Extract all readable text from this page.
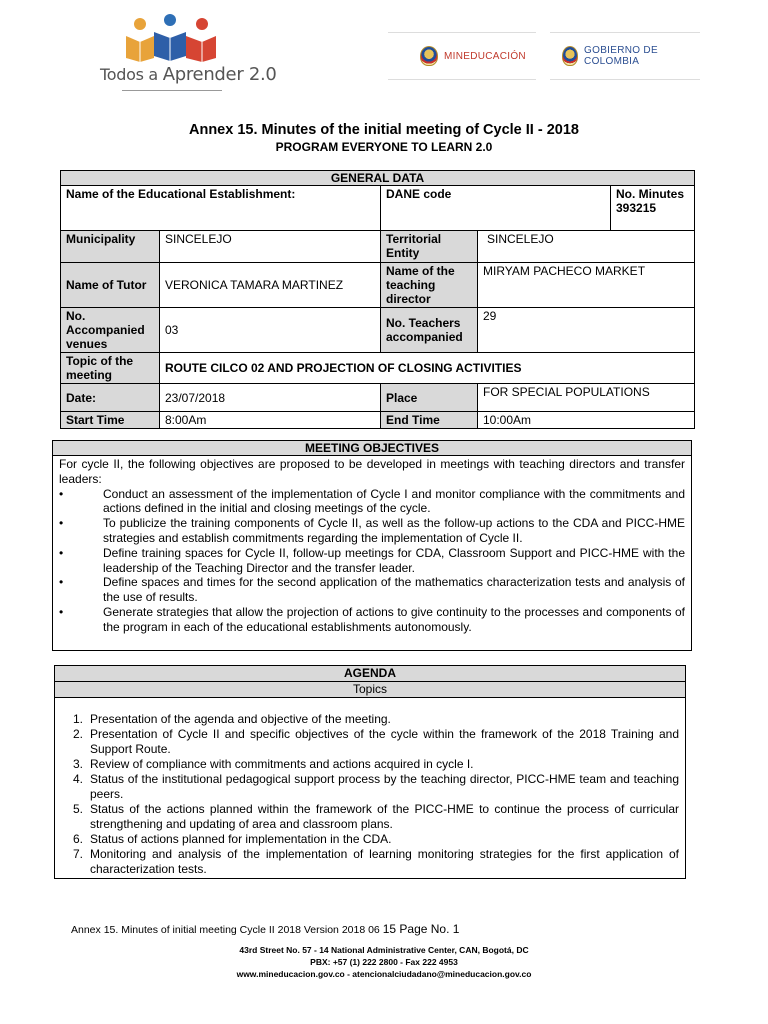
Todos a Aprender 2.0
MINEDUCACIÓN	GOBIERNO DE COLOMBIA
Annex 15. Minutes of the initial meeting of Cycle II - 2018
PROGRAM EVERYONE TO LEARN 2.0
GENERAL DATA				
Name of the Educational Establishment:		DANE code		No. Minutes 393215
Municipality	SINCELEJO	Territorial Entity	SINCELEJO	
Name of Tutor	VERONICA TAMARA MARTINEZ	Name of the teaching director	MIRYAM PACHECO MARKET	
No. Accompanied venues	03	No. Teachers accompanied	29	
Topic of the meeting	ROUTE CILCO 02 AND PROJECTION OF CLOSING ACTIVITIES			
Date:	23/07/2018	Place	FOR SPECIAL POPULATIONS	
Start Time	8:00Am	End Time	10:00Am	
MEETING OBJECTIVES
For cycle II, the following objectives are proposed to be developed in meetings with teaching directors and transfer leaders:
•	Conduct an assessment of the implementation of Cycle I and monitor compliance with the commitments and actions defined in the initial and closing meetings of the cycle.
•	To publicize the training components of Cycle II, as well as the follow-up actions to the CDA and PICC-HME strategies and establish commitments regarding the implementation of Cycle II.
•	Define training spaces for Cycle II, follow-up meetings for CDA, Classroom Support and PICC-HME with the leadership of the Teaching Director and the transfer leader.
•	Define spaces and times for the second application of the mathematics characterization tests and analysis of the use of results.
•	Generate strategies that allow the projection of actions to give continuity to the processes and components of the program in each of the educational establishments autonomously.
AGENDA
Topics
1. Presentation of the agenda and objective of the meeting.
2. Presentation of Cycle II and specific objectives of the cycle within the framework of the 2018 Training and Support Route.
3. Review of compliance with commitments and actions acquired in cycle I.
4. Status of the institutional pedagogical support process by the teaching director, PICC-HME team and teaching peers.
5. Status of the actions planned within the framework of the PICC-HME to continue the process of curricular strengthening and updating of area and classroom plans.
6. Status of actions planned for implementation in the CDA.
7. Monitoring and analysis of the implementation of learning monitoring strategies for the first application of characterization tests.
Annex 15. Minutes of initial meeting Cycle II 2018 Version 2018 06 15 Page No. 1
43rd Street No. 57 - 14 National Administrative Center, CAN, Bogotá, DC
PBX: +57 (1) 222 2800 - Fax 222 4953
www.mineducacion.gov.co - atencionalciudadano@mineducacion.gov.co
